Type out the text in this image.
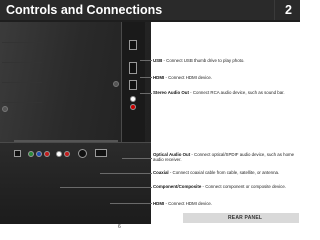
Controls and Connections	2
USB - Connect USB thumb drive to play photo.
HDMI - Connect HDMI device.
Stereo Audio Out - Connect RCA audio device, such as sound bar.
Optical Audio Out - Connect optical/SPDIF audio device, such as home audio receiver.
Coaxial - Connect coaxial cable from cable, satellite, or antenna.
Component/Composite - Connect component or composite device.
HDMI - Connect HDMI device.
REAR PANEL
6
